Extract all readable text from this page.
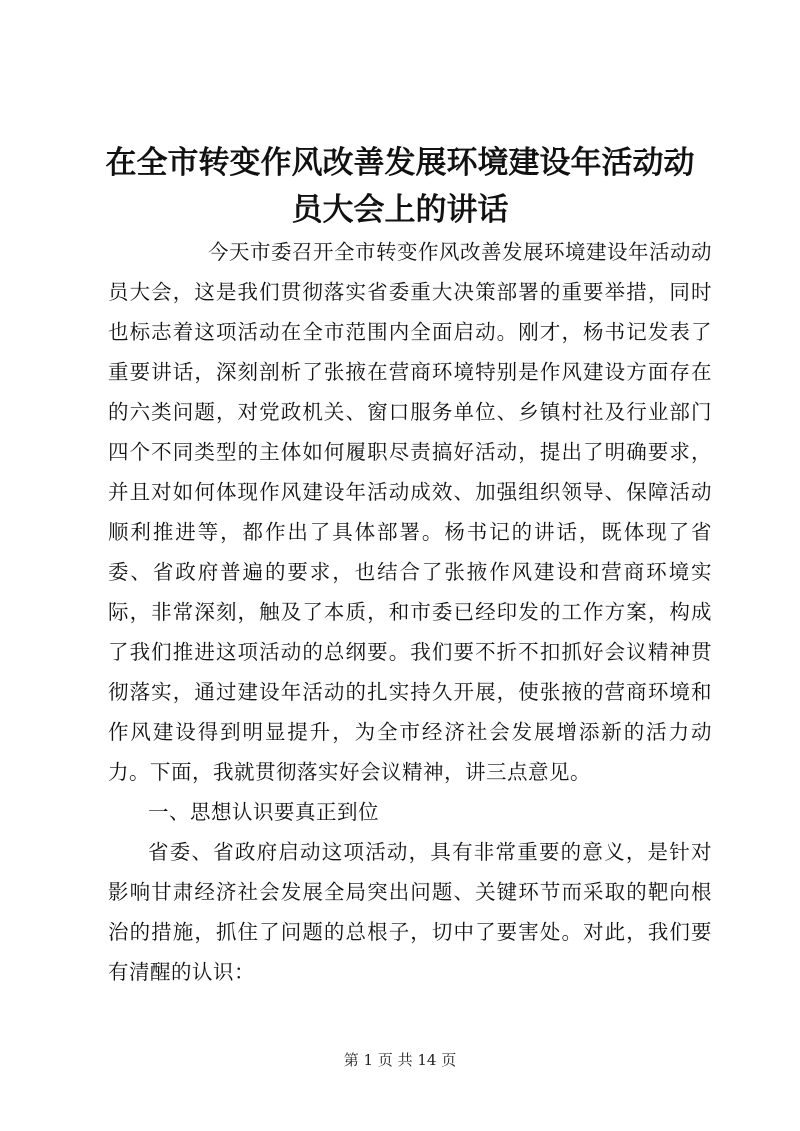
在全市转变作风改善发展环境建设年活动动员大会上的讲话

今天市委召开全市转变作风改善发展环境建设年活动动员大会，这是我们贯彻落实省委重大决策部署的重要举措，同时也标志着这项活动在全市范围内全面启动。刚才，杨书记发表了重要讲话，深刻剖析了张掖在营商环境特别是作风建设方面存在的六类问题，对党政机关、窗口服务单位、乡镇村社及行业部门四个不同类型的主体如何履职尽责搞好活动，提出了明确要求，并且对如何体现作风建设年活动成效、加强组织领导、保障活动顺利推进等，都作出了具体部署。杨书记的讲话，既体现了省委、省政府普遍的要求，也结合了张掖作风建设和营商环境实际，非常深刻，触及了本质，和市委已经印发的工作方案，构成了我们推进这项活动的总纲要。我们要不折不扣抓好会议精神贯彻落实，通过建设年活动的扎实持久开展，使张掖的营商环境和作风建设得到明显提升，为全市经济社会发展增添新的活力动力。下面，我就贯彻落实好会议精神，讲三点意见。

一、思想认识要真正到位

省委、省政府启动这项活动，具有非常重要的意义，是针对影响甘肃经济社会发展全局突出问题、关键环节而采取的靶向根治的措施，抓住了问题的总根子，切中了要害处。对此，我们要有清醒的认识：

第 1 页 共 14 页
